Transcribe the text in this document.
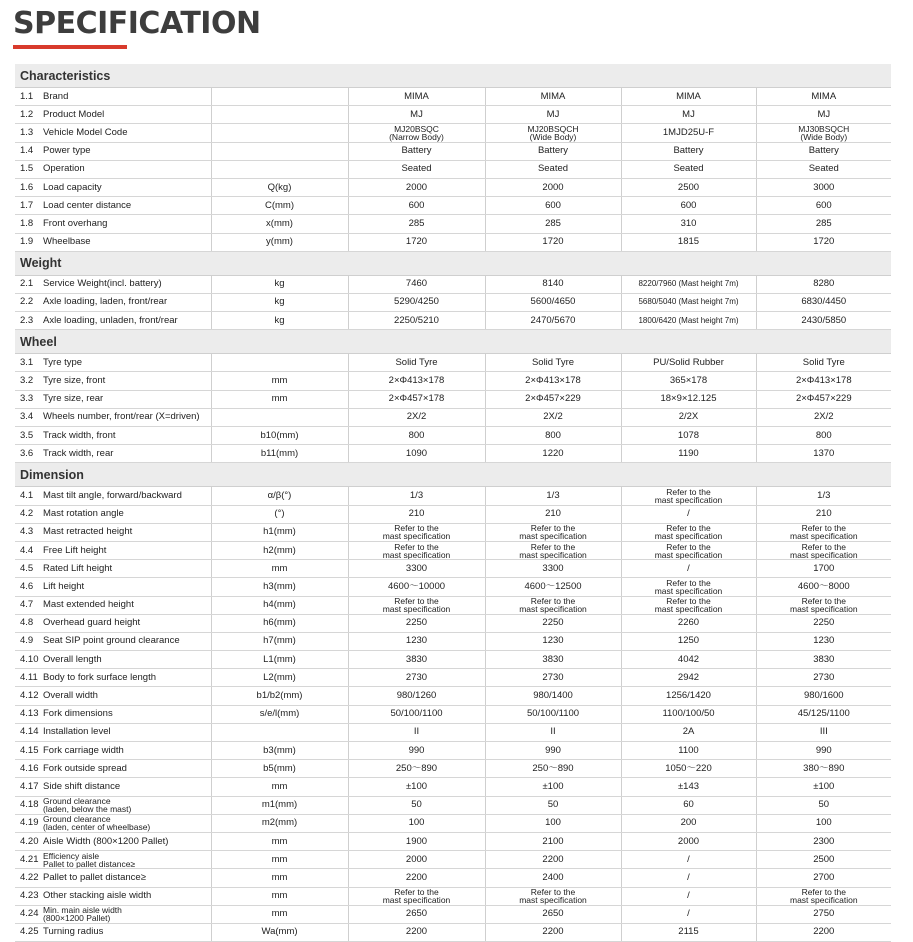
SPECIFICATION
Characteristics						
1.1	Brand		MIMA	MIMA	MIMA	MIMA
1.2	Product Model		MJ	MJ	MJ	MJ
1.3	Vehicle Model Code		MJ20BSQC
(Narrow Body)	MJ20BSQCH
(Wide Body)	1MJD25U-F	MJ30BSQCH
(Wide Body)

1.4	Power type		Battery	Battery	Battery	Battery
1.5	Operation		Seated	Seated	Seated	Seated
1.6	Load capacity	Q(kg)	2000	2000	2500	3000
1.7	Load center distance	C(mm)	600	600	600	600
1.8	Front overhang	x(mm)	285	285	310	285
1.9	Wheelbase	y(mm)	1720	1720	1815	1720
Weight						
2.1	Service Weight(incl. battery)	kg	7460	8140	8220/7960 (Mast height 7m)	8280
2.2	Axle loading, laden, front/rear	kg	5290/4250	5600/4650	5680/5040 (Mast height 7m)	6830/4450
2.3	Axle loading, unladen, front/rear	kg	2250/5210	2470/5670	1800/6420 (Mast height 7m)	2430/5850
Wheel						
3.1	Tyre type		Solid Tyre	Solid Tyre	PU/Solid Rubber	Solid Tyre
3.2	Tyre size, front	mm	2×Φ413×178	2×Φ413×178	365×178	2×Φ413×178
3.3	Tyre size, rear	mm	2×Φ457×178	2×Φ457×229	18×9×12.125	2×Φ457×229
3.4	Wheels number, front/rear (X=driven)		2X/2	2X/2	2/2X	2X/2
3.5	Track width, front	b10(mm)	800	800	1078	800
3.6	Track width, rear	b11(mm)	1090	1220	1190	1370
Dimension						
4.1	Mast tilt angle, forward/backward	α/β(°)	1/3	1/3	Refer to the
mast specification	1/3
4.2	Mast rotation angle	(°)	210	210	/	210
4.3	Mast retracted height	h1(mm)	Refer to the
mast specification	Refer to the
mast specification	Refer to the
mast specification	Refer to the
mast specification

4.4	Free Lift height	h2(mm)	Refer to the
mast specification	Refer to the
mast specification	Refer to the
mast specification	Refer to the
mast specification

4.5	Rated Lift height	mm	3300	3300	/	1700
4.6	Lift height	h3(mm)	4600～10000	4600～12500	Refer to the
mast specification	4600～8000
4.7	Mast extended height	h4(mm)	Refer to the
mast specification	Refer to the
mast specification	Refer to the
mast specification	Refer to the
mast specification

4.8	Overhead guard height	h6(mm)	2250	2250	2260	2250
4.9	Seat SIP point ground clearance	h7(mm)	1230	1230	1250	1230
4.10	Overall length	L1(mm)	3830	3830	4042	3830
4.11	Body to fork surface length	L2(mm)	2730	2730	2942	2730
4.12	Overall width	b1/b2(mm)	980/1260	980/1400	1256/1420	980/1600
4.13	Fork dimensions	s/e/l(mm)	50/100/1100	50/100/1100	1100/100/50	45/125/1100
4.14	Installation level		II	II	2A	III
4.15	Fork carriage width	b3(mm)	990	990	1100	990
4.16	Fork outside spread	b5(mm)	250～890	250～890	1050～220	380～890
4.17	Side shift distance	mm	±100	±100	±143	±100
4.18	Ground clearance
(laden, below the mast)	m1(mm)	50	50	60	50
4.19	Ground clearance
(laden, center of wheelbase)	m2(mm)	100	100	200	100
4.20	Aisle Width (800×1200 Pallet)	mm	1900	2100	2000	2300
4.21	Efficiency aisle
Pallet to pallet distance≥	mm	2000	2200	/	2500
4.22	Pallet to pallet distance≥	mm	2200	2400	/	2700
4.23	Other stacking aisle width	mm	Refer to the
mast specification	Refer to the
mast specification	/	Refer to the
mast specification

4.24	Min. main aisle width
(800×1200 Pallet)	mm	2650	2650	/	2750
4.25	Turning radius	Wa(mm)	2200	2200	2115	2200
